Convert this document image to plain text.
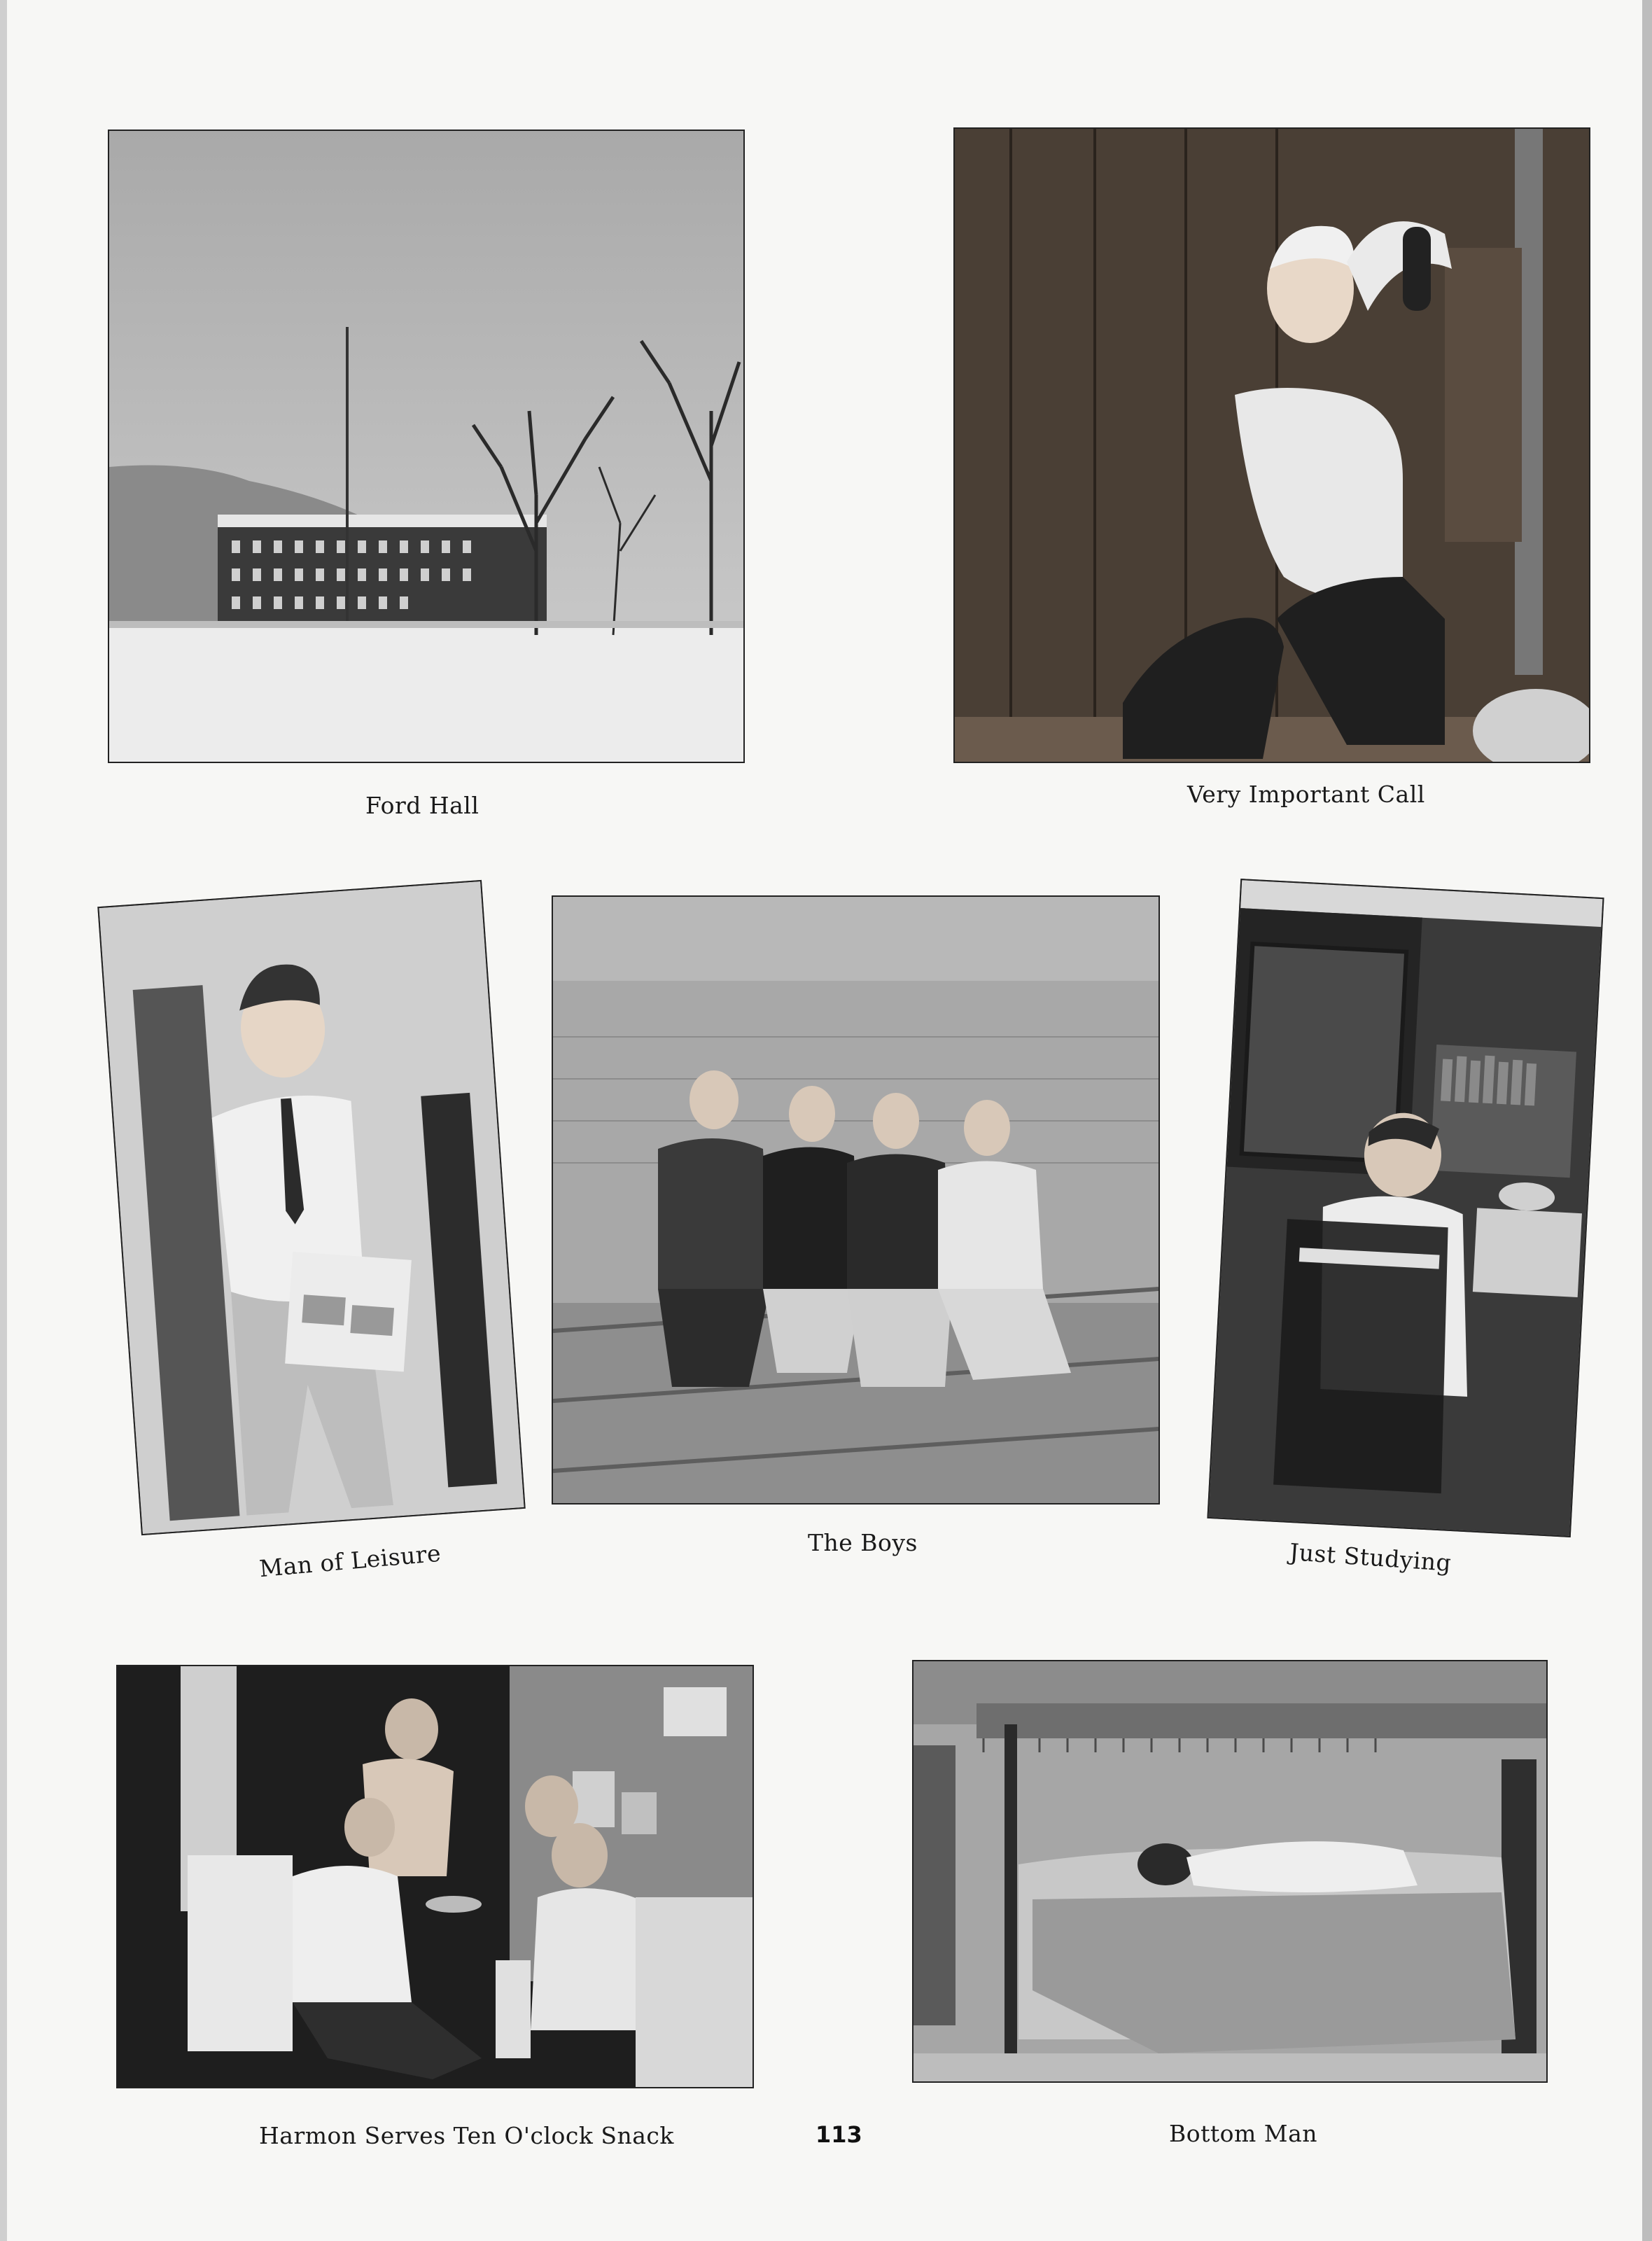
Ford Hall	Very Important Call
Man of Leisure	The Boys	Just Studying
Harmon Serves Ten O'clock Snack	Bottom Man
113
